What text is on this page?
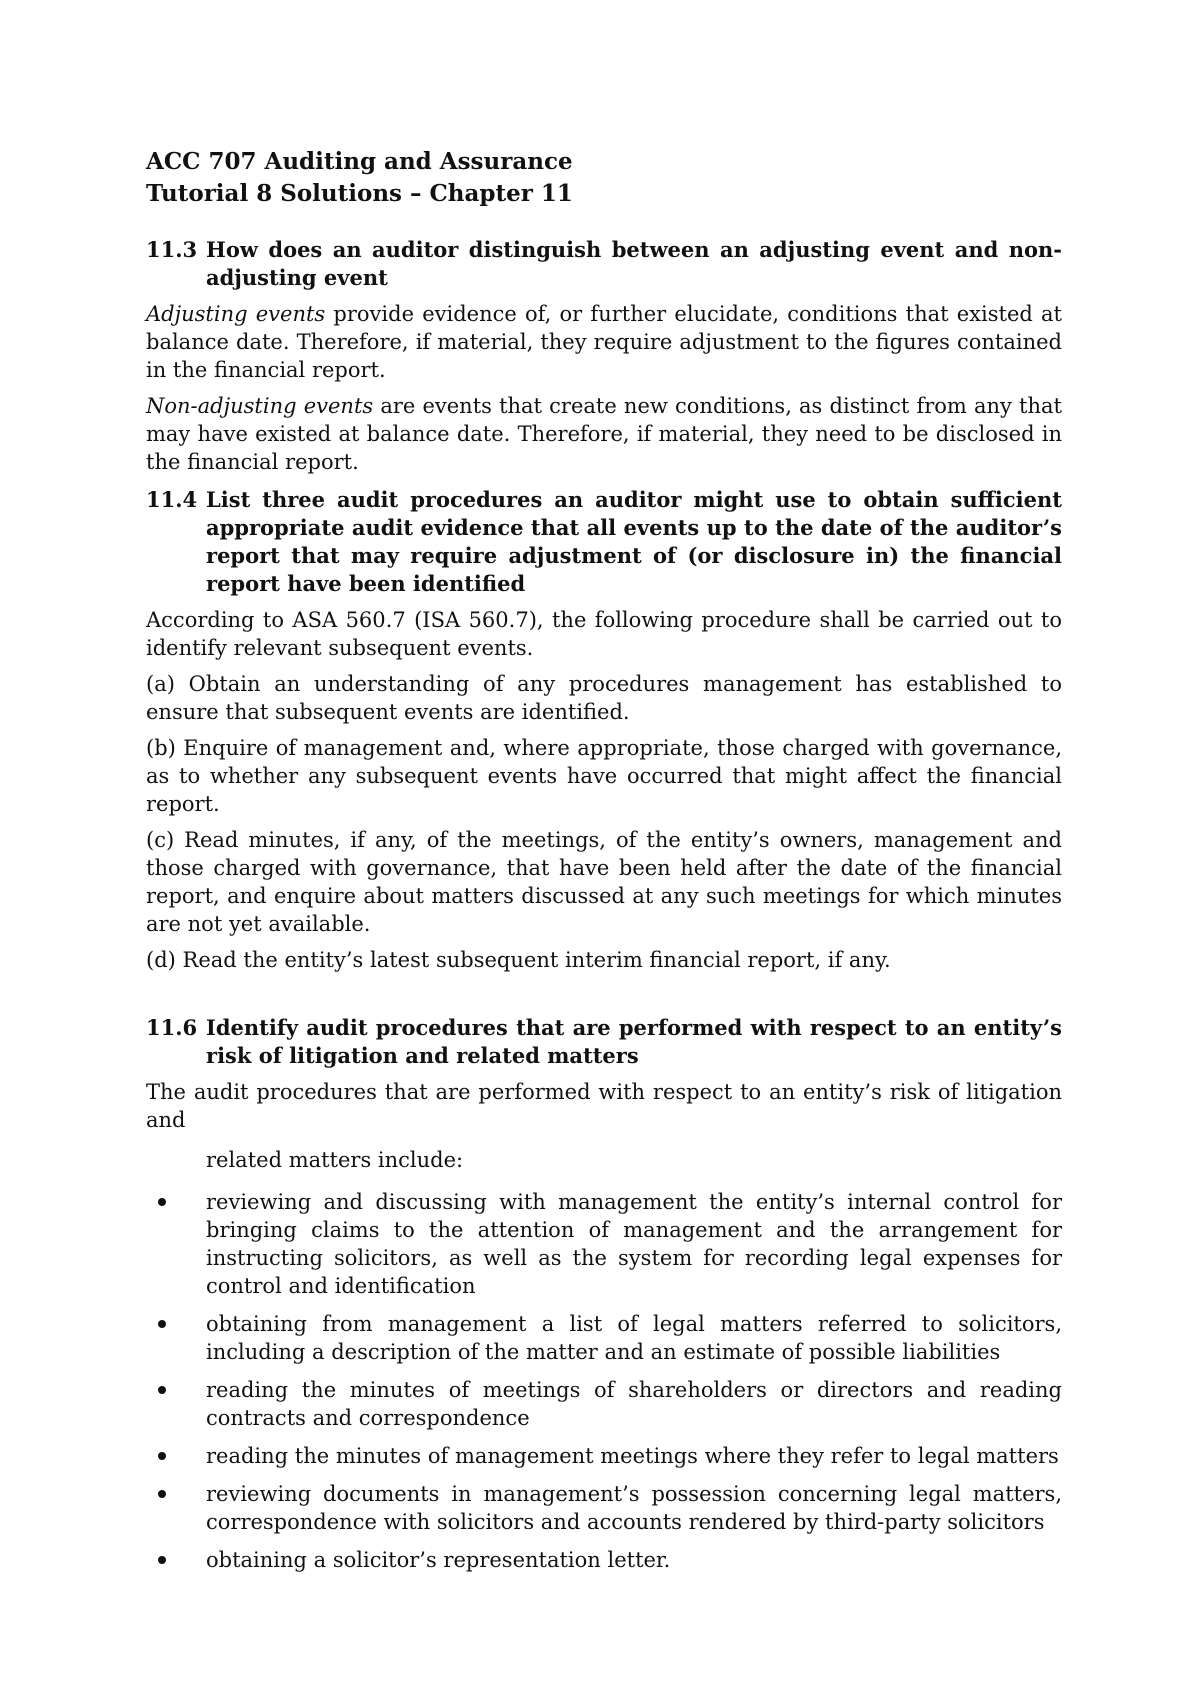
ACC 707 Auditing and Assurance
Tutorial 8 Solutions – Chapter 11
11.3 How does an auditor distinguish between an adjusting event and non-adjusting event

Adjusting events provide evidence of, or further elucidate, conditions that existed at balance date. Therefore, if material, they require adjustment to the figures contained in the financial report.

Non-adjusting events are events that create new conditions, as distinct from any that may have existed at balance date. Therefore, if material, they need to be disclosed in the financial report.

11.4 List three audit procedures an auditor might use to obtain sufficient appropriate audit evidence that all events up to the date of the auditor’s report that may require adjustment of (or disclosure in) the financial report have been identified

According to ASA 560.7 (ISA 560.7), the following procedure shall be carried out to identify relevant subsequent events.

(a) Obtain an understanding of any procedures management has established to ensure that subsequent events are identified.

(b) Enquire of management and, where appropriate, those charged with governance, as to whether any subsequent events have occurred that might affect the financial report.

(c) Read minutes, if any, of the meetings, of the entity’s owners, management and those charged with governance, that have been held after the date of the financial report, and enquire about matters discussed at any such meetings for which minutes are not yet available.

(d) Read the entity’s latest subsequent interim financial report, if any.

11.6 Identify audit procedures that are performed with respect to an entity’s risk of litigation and related matters

The audit procedures that are performed with respect to an entity’s risk of litigation and

related matters include:

reviewing and discussing with management the entity’s internal control for bringing claims to the attention of management and the arrangement for instructing solicitors, as well as the system for recording legal expenses for control and identification
obtaining from management a list of legal matters referred to solicitors, including a description of the matter and an estimate of possible liabilities
reading the minutes of meetings of shareholders or directors and reading contracts and correspondence
reading the minutes of management meetings where they refer to legal matters
reviewing documents in management’s possession concerning legal matters, correspondence with solicitors and accounts rendered by third-party solicitors
obtaining a solicitor’s representation letter.
